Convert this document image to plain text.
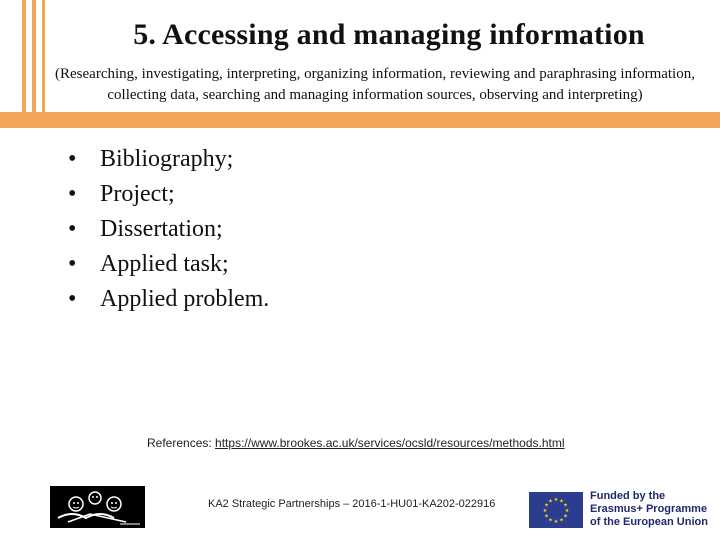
5. Accessing and managing information
(Researching, investigating, interpreting, organizing information, reviewing and paraphrasing information, collecting data, searching and managing information sources, observing and interpreting)
• Bibliography;
• Project;
• Dissertation;
• Applied task;
• Applied problem.
References: https://www.brookes.ac.uk/services/ocsld/resources/methods.html
KA2 Strategic Partnerships – 2016-1-HU01-KA202-022916	★ ★
★
★
★
★
★
★
★
★
★
★	Funded by the
Erasmus+ Programme
of the European Union
